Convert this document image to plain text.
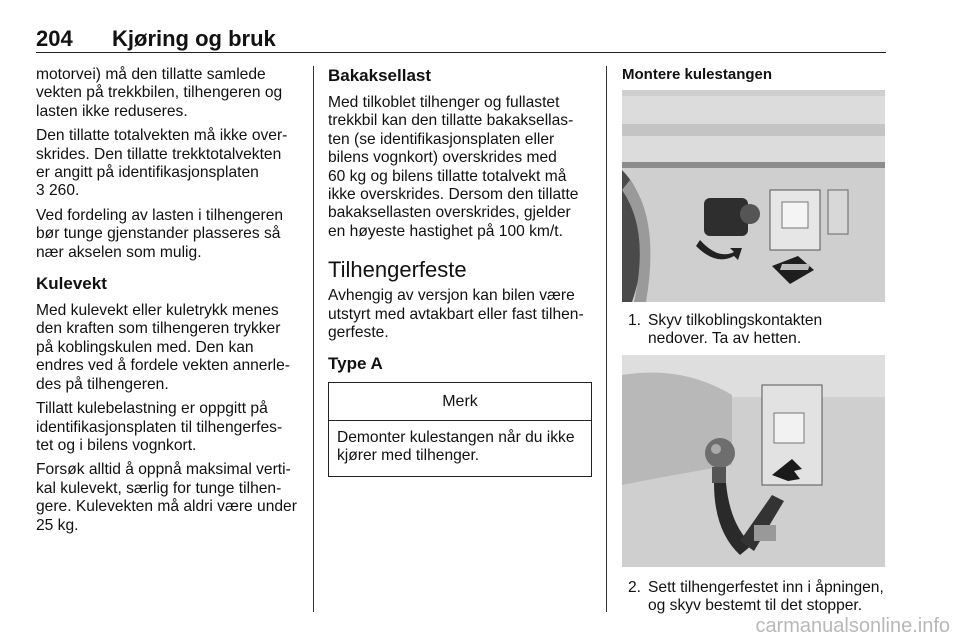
204 Kjøring og bruk

motorvei) må den tillatte samlede
vekten på trekkbilen, tilhengeren og
lasten ikke reduseres.

Den tillatte totalvekten må ikke over-
skrides. Den tillatte trekktotalvekten
er angitt på identifikasjonsplaten
3 260.

Ved fordeling av lasten i tilhengeren
bør tunge gjenstander plasseres så
nær akselen som mulig.

Kulevekt

Med kulevekt eller kuletrykk menes
den kraften som tilhengeren trykker
på koblingskulen med. Den kan
endres ved å fordele vekten annerle-
des på tilhengeren.

Tillatt kulebelastning er oppgitt på
identifikasjonsplaten til tilhengerfes-
tet og i bilens vognkort.

Forsøk alltid å oppnå maksimal verti-
kal kulevekt, særlig for tunge tilhen-
gere. Kulevekten må aldri være under
25 kg.

Bakaksellast

Med tilkoblet tilhenger og fullastet
trekkbil kan den tillatte bakaksellas-
ten (se identifikasjonsplaten eller
bilens vognkort) overskrides med
60 kg og bilens tillatte totalvekt må
ikke overskrides. Dersom den tillatte
bakaksellasten overskrides, gjelder
en høyeste hastighet på 100 km/t.

Tilhengerfeste

Avhengig av versjon kan bilen være
utstyrt med avtakbart eller fast tilhen-
gerfeste.

Type A
Merk
Demonter kulestangen når du ikke
kjører med tilhenger.
Montere kulestangen
1. Skyv tilkoblingskontakten
nedover. Ta av hetten.
2. Sett tilhengerfestet inn i åpningen,
og skyv bestemt til det stopper.
carmanualsonline.info
